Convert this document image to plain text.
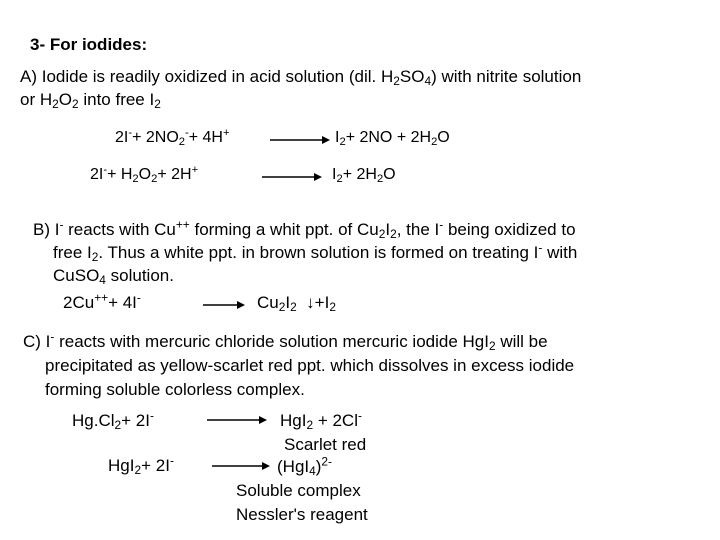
3- For iodides:
A) Iodide is readily oxidized in acid solution (dil. $H_2SO_4$) with nitrite solution
or $H_2O_2$ into free $I_2$
$2I^-+ 2NO_2^-+ 4H^+ \to I_2+ 2NO + 2H_2O$
$2I^-+ H_2O_2+ 2H^+ \to I_2+ 2H_2O$
B) I- reacts with Cu++ forming a whit ppt. of $Cu_2I_2$, the I- being oxidized to
free $I_2$. Thus a white ppt. in brown solution is formed on treating I- with
CuSO$_4$ solution.
$2Cu^{++}+ 4I^- \to Cu_2I_2$ $↓+I_2$
C) I- reacts with mercuric chloride solution mercuric iodide HgI$_2$ will be
precipitated as yellow-scarlet red ppt. which dissolves in excess iodide
forming soluble colorless complex.
$Hg.Cl_2+ 2I^-$	→ HgI$_2$ + 2Cl-
Scarlet red
$HgI_2+ 2I^- \to (HgI_4)^{2-}$
Soluble complex
Nessler's reagent
